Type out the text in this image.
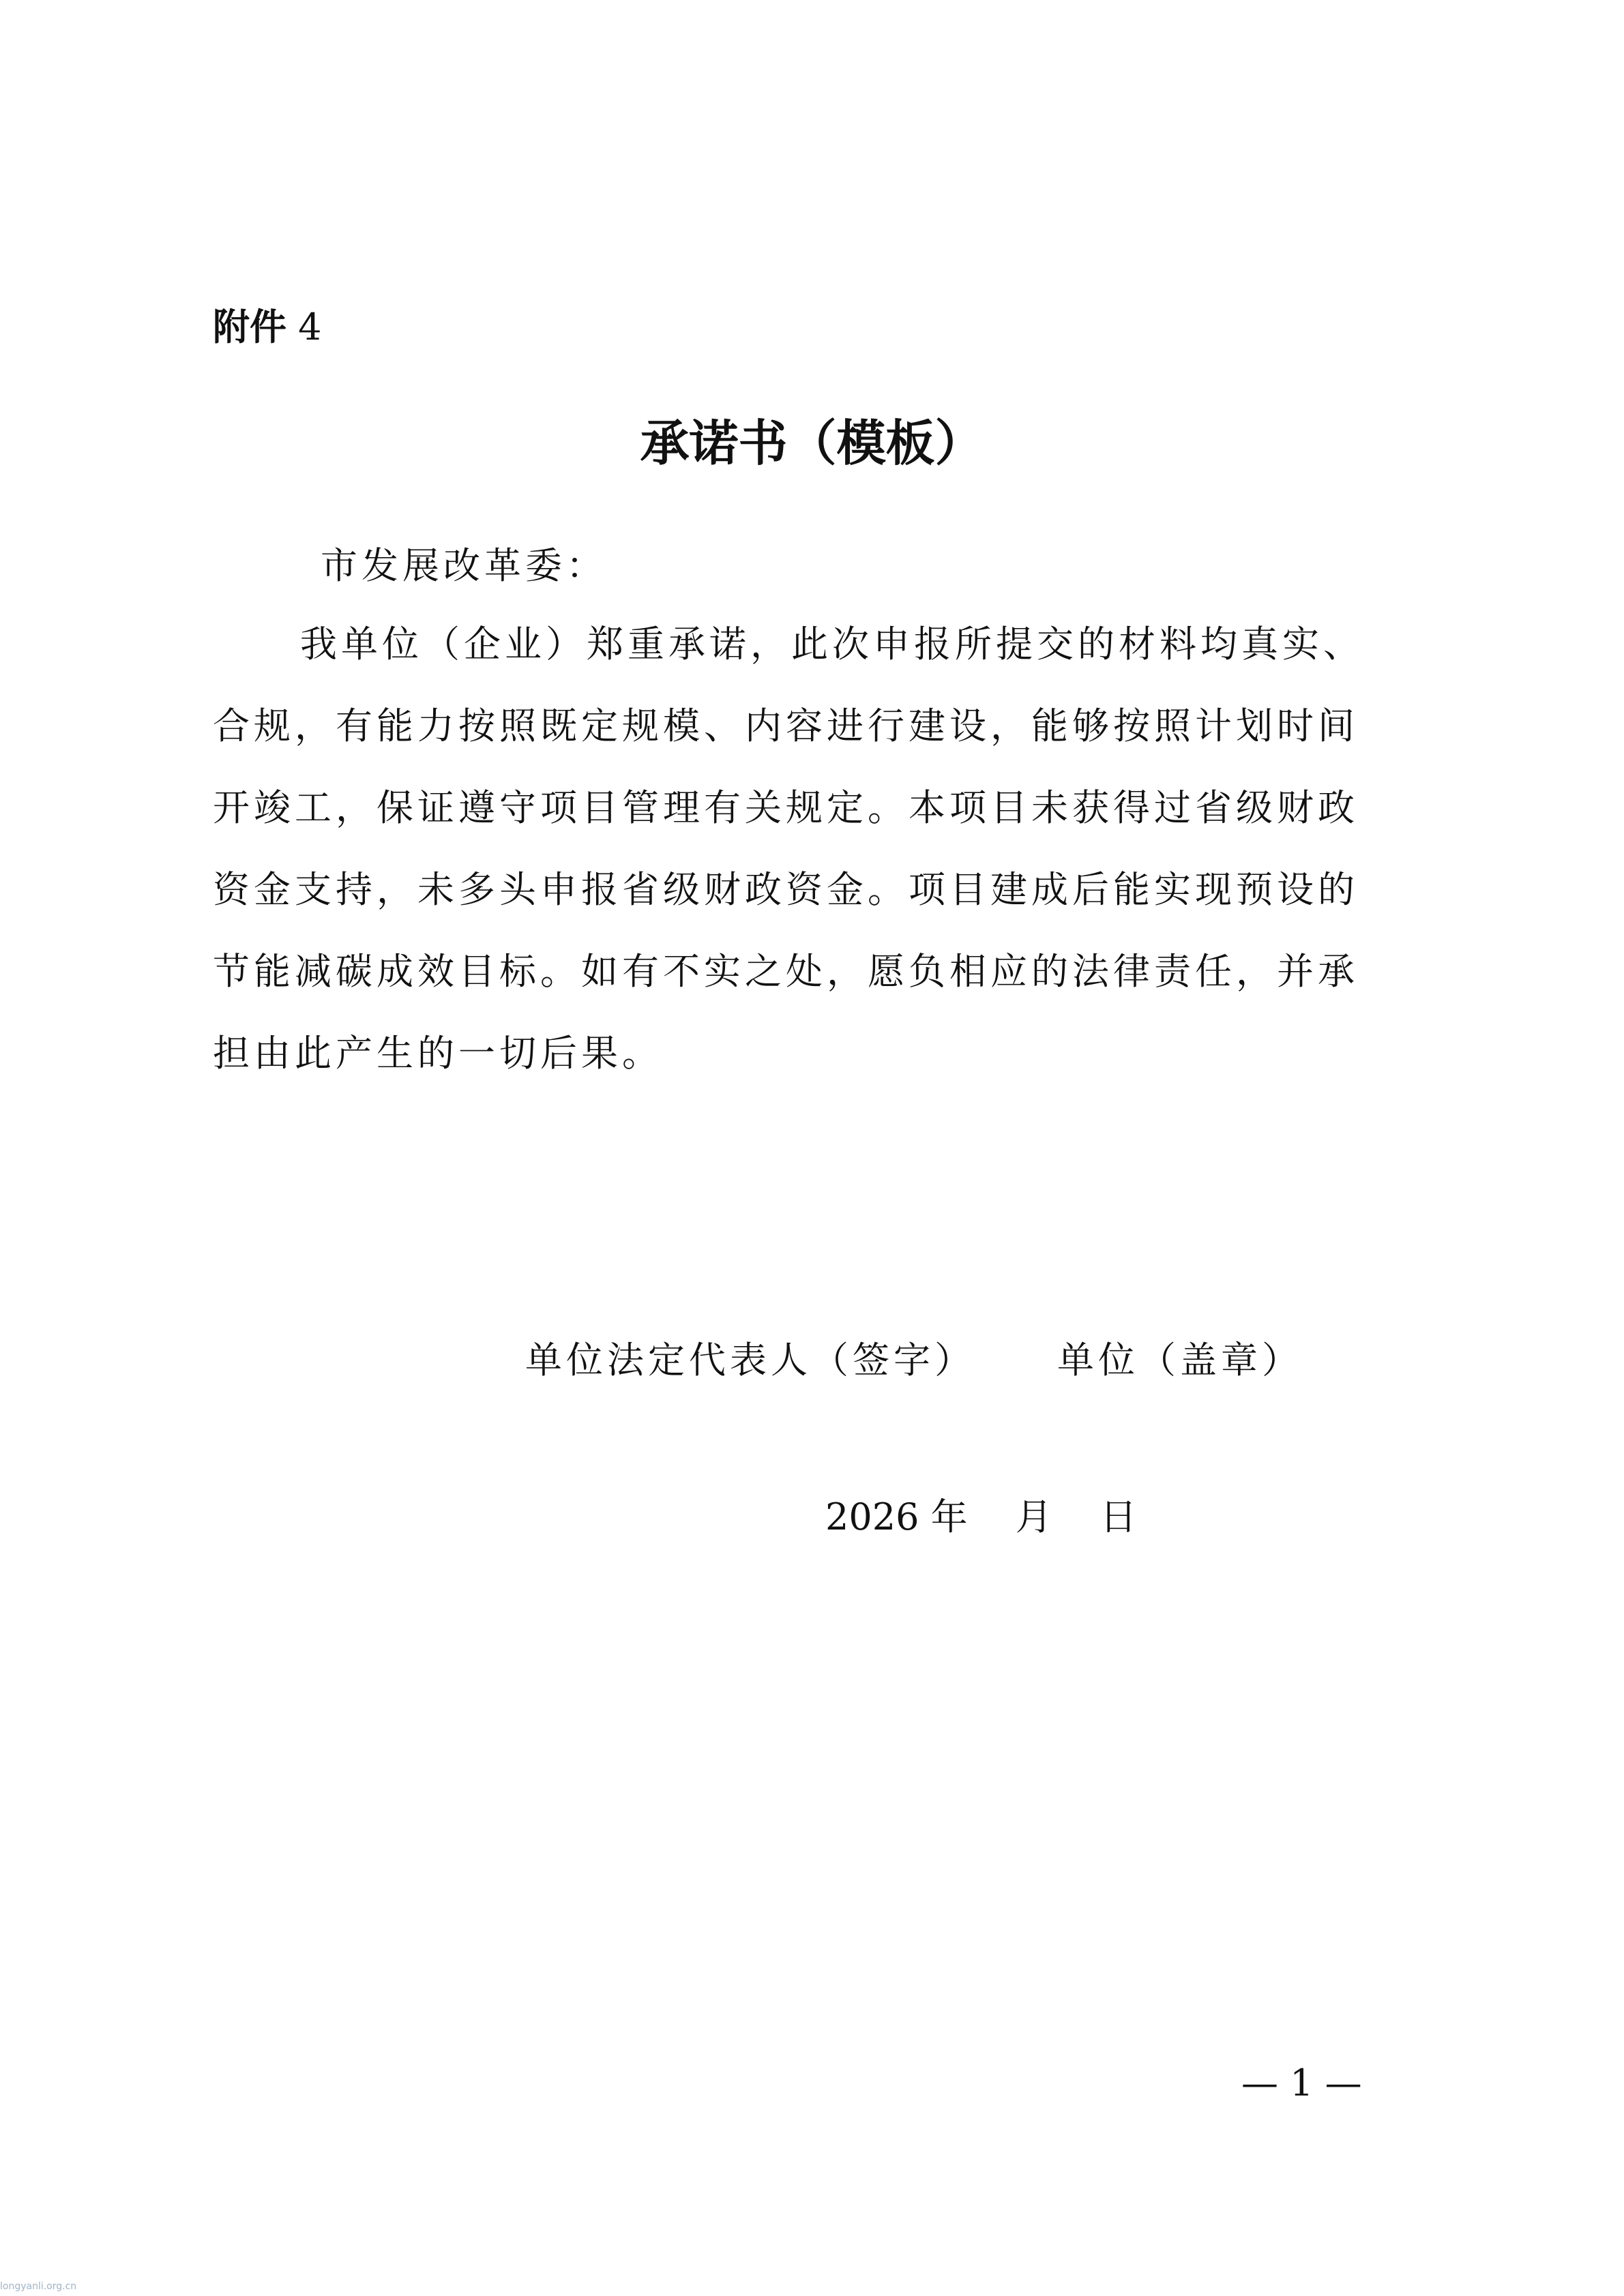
附件 4
承诺书（模板）
市发展改革委：
我单位（企业）郑重承诺，此次申报所提交的材料均真实、
合规，有能力按照既定规模、内容进行建设，能够按照计划时间
开竣工，保证遵守项目管理有关规定。本项目未获得过省级财政
资金支持，未多头申报省级财政资金。项目建成后能实现预设的
节能减碳成效目标。如有不实之处，愿负相应的法律责任，并承
担由此产生的一切后果。
单位法定代表人（签字） 单位（盖章）
2026 年 月 日
— 1 —
longyanli.org.cn
